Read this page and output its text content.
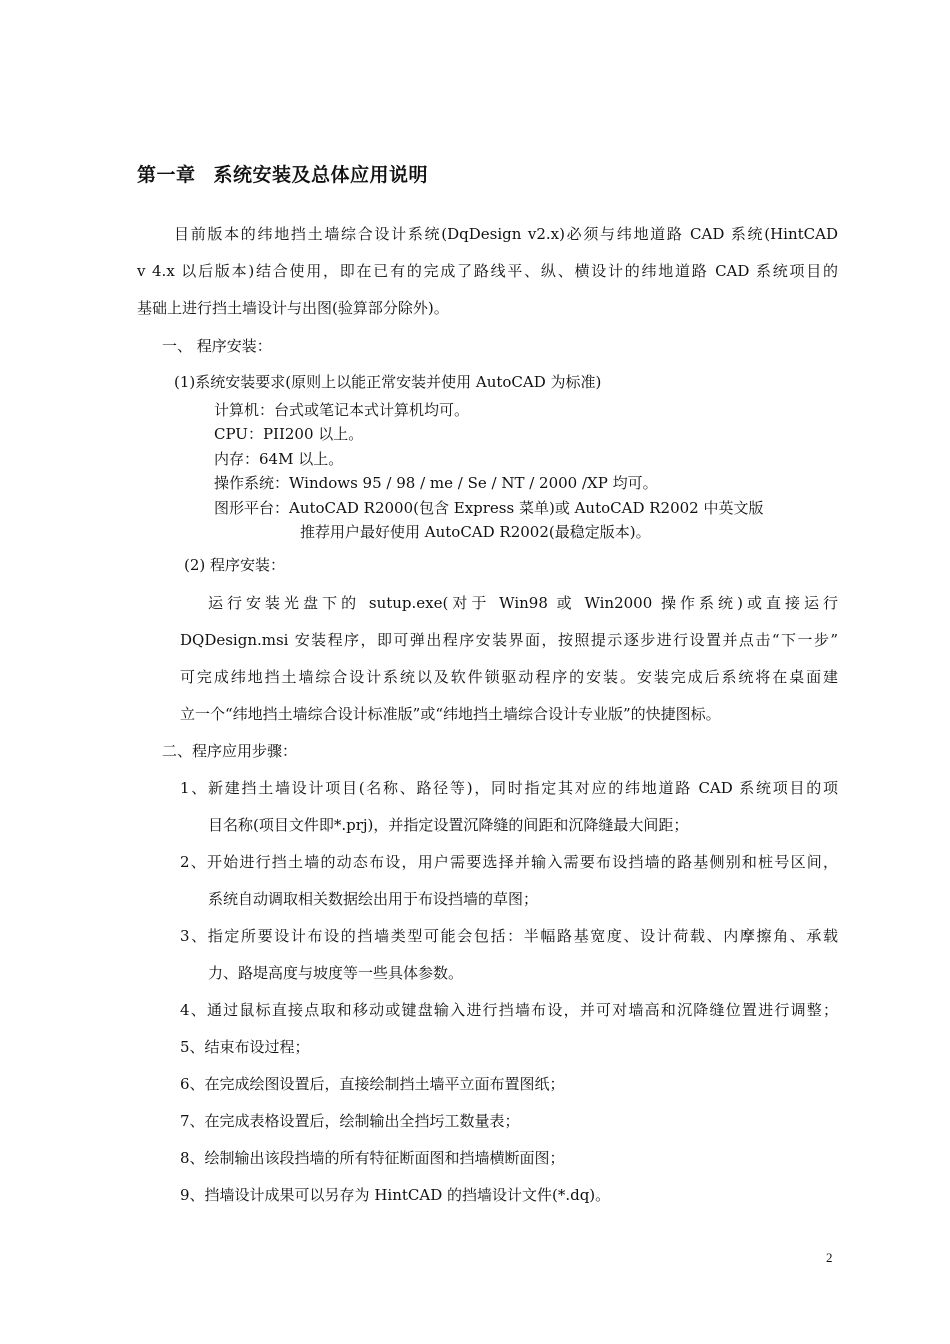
第一章 系统安装及总体应用说明
目前版本的纬地挡土墙综合设计系统(DqDesign v2.x)必须与纬地道路 CAD 系统(HintCAD
v 4.x 以后版本)结合使用，即在已有的完成了路线平、纵、横设计的纬地道路 CAD 系统项目的
基础上进行挡土墙设计与出图(验算部分除外)。
一、 程序安装：
(1)系统安装要求(原则上以能正常安装并使用 AutoCAD 为标准)
计算机：台式或笔记本式计算机均可。
CPU：PII200 以上。
内存：64M 以上。
操作系统：Windows 95 / 98 / me / Se / NT / 2000 /XP 均可。
图形平台：AutoCAD R2000(包含 Express 菜单)或 AutoCAD R2002 中英文版
推荐用户最好使用 AutoCAD R2002(最稳定版本)。
(2) 程序安装：
运行安装光盘下的 sutup.exe(对于 Win98 或 Win2000 操作系统)或直接运行
DQDesign.msi 安装程序，即可弹出程序安装界面，按照提示逐步进行设置并点击“下一步”
可完成纬地挡土墙综合设计系统以及软件锁驱动程序的安装。安装完成后系统将在桌面建
立一个“纬地挡土墙综合设计标准版”或“纬地挡土墙综合设计专业版”的快捷图标。
二、程序应用步骤：
1、新建挡土墙设计项目(名称、路径等)，同时指定其对应的纬地道路 CAD 系统项目的项
目名称(项目文件即*.prj)，并指定设置沉降缝的间距和沉降缝最大间距；
2、开始进行挡土墙的动态布设，用户需要选择并输入需要布设挡墙的路基侧别和桩号区间，
系统自动调取相关数据绘出用于布设挡墙的草图；
3、指定所要设计布设的挡墙类型可能会包括：半幅路基宽度、设计荷载、内摩擦角、承载
力、路堤高度与坡度等一些具体参数。
4、通过鼠标直接点取和移动或键盘输入进行挡墙布设，并可对墙高和沉降缝位置进行调整；
5、结束布设过程；
6、在完成绘图设置后，直接绘制挡土墙平立面布置图纸；
7、在完成表格设置后，绘制输出全挡圬工数量表；
8、绘制输出该段挡墙的所有特征断面图和挡墙横断面图；
9、挡墙设计成果可以另存为 HintCAD 的挡墙设计文件(*.dq)。
2
